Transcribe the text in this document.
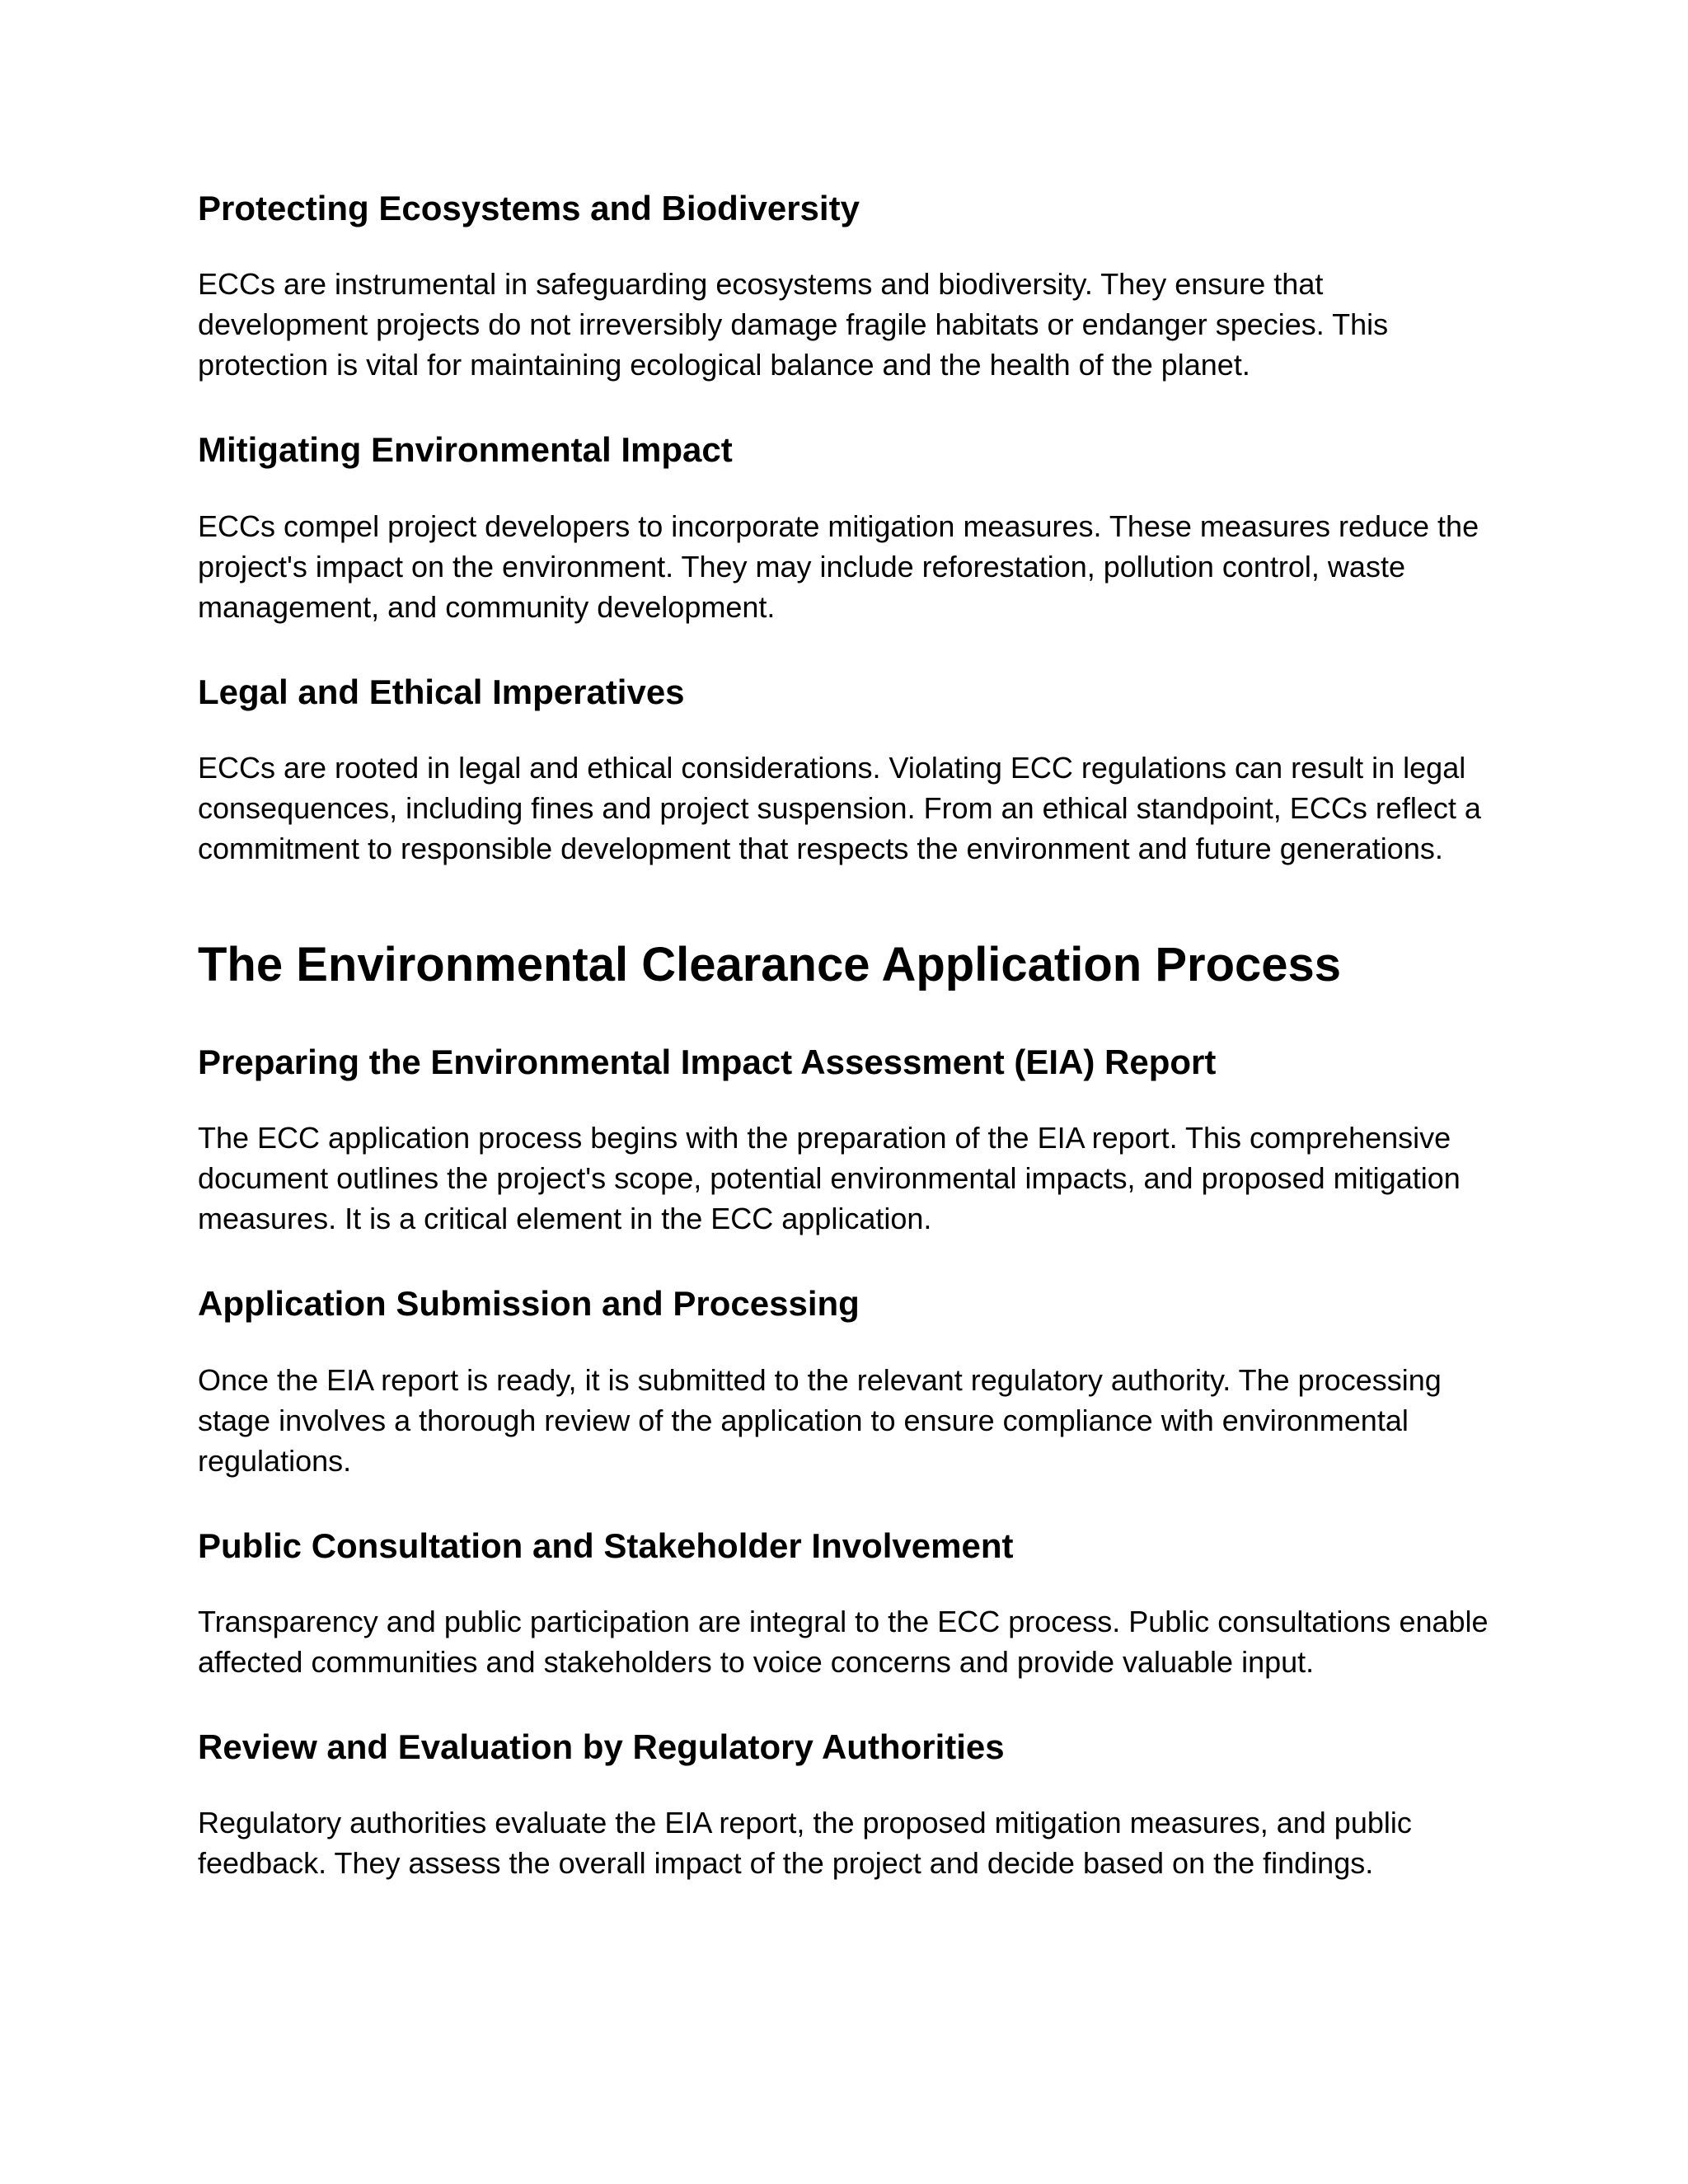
Protecting Ecosystems and Biodiversity

ECCs are instrumental in safeguarding ecosystems and biodiversity. They ensure that development projects do not irreversibly damage fragile habitats or endanger species. This protection is vital for maintaining ecological balance and the health of the planet.

Mitigating Environmental Impact

ECCs compel project developers to incorporate mitigation measures. These measures reduce the project's impact on the environment. They may include reforestation, pollution control, waste management, and community development.

Legal and Ethical Imperatives

ECCs are rooted in legal and ethical considerations. Violating ECC regulations can result in legal consequences, including fines and project suspension. From an ethical standpoint, ECCs reflect a commitment to responsible development that respects the environment and future generations.

The Environmental Clearance Application Process
Preparing the Environmental Impact Assessment (EIA) Report

The ECC application process begins with the preparation of the EIA report. This comprehensive document outlines the project's scope, potential environmental impacts, and proposed mitigation measures. It is a critical element in the ECC application.

Application Submission and Processing

Once the EIA report is ready, it is submitted to the relevant regulatory authority. The processing stage involves a thorough review of the application to ensure compliance with environmental regulations.

Public Consultation and Stakeholder Involvement

Transparency and public participation are integral to the ECC process. Public consultations enable affected communities and stakeholders to voice concerns and provide valuable input.

Review and Evaluation by Regulatory Authorities

Regulatory authorities evaluate the EIA report, the proposed mitigation measures, and public feedback. They assess the overall impact of the project and decide based on the findings.
